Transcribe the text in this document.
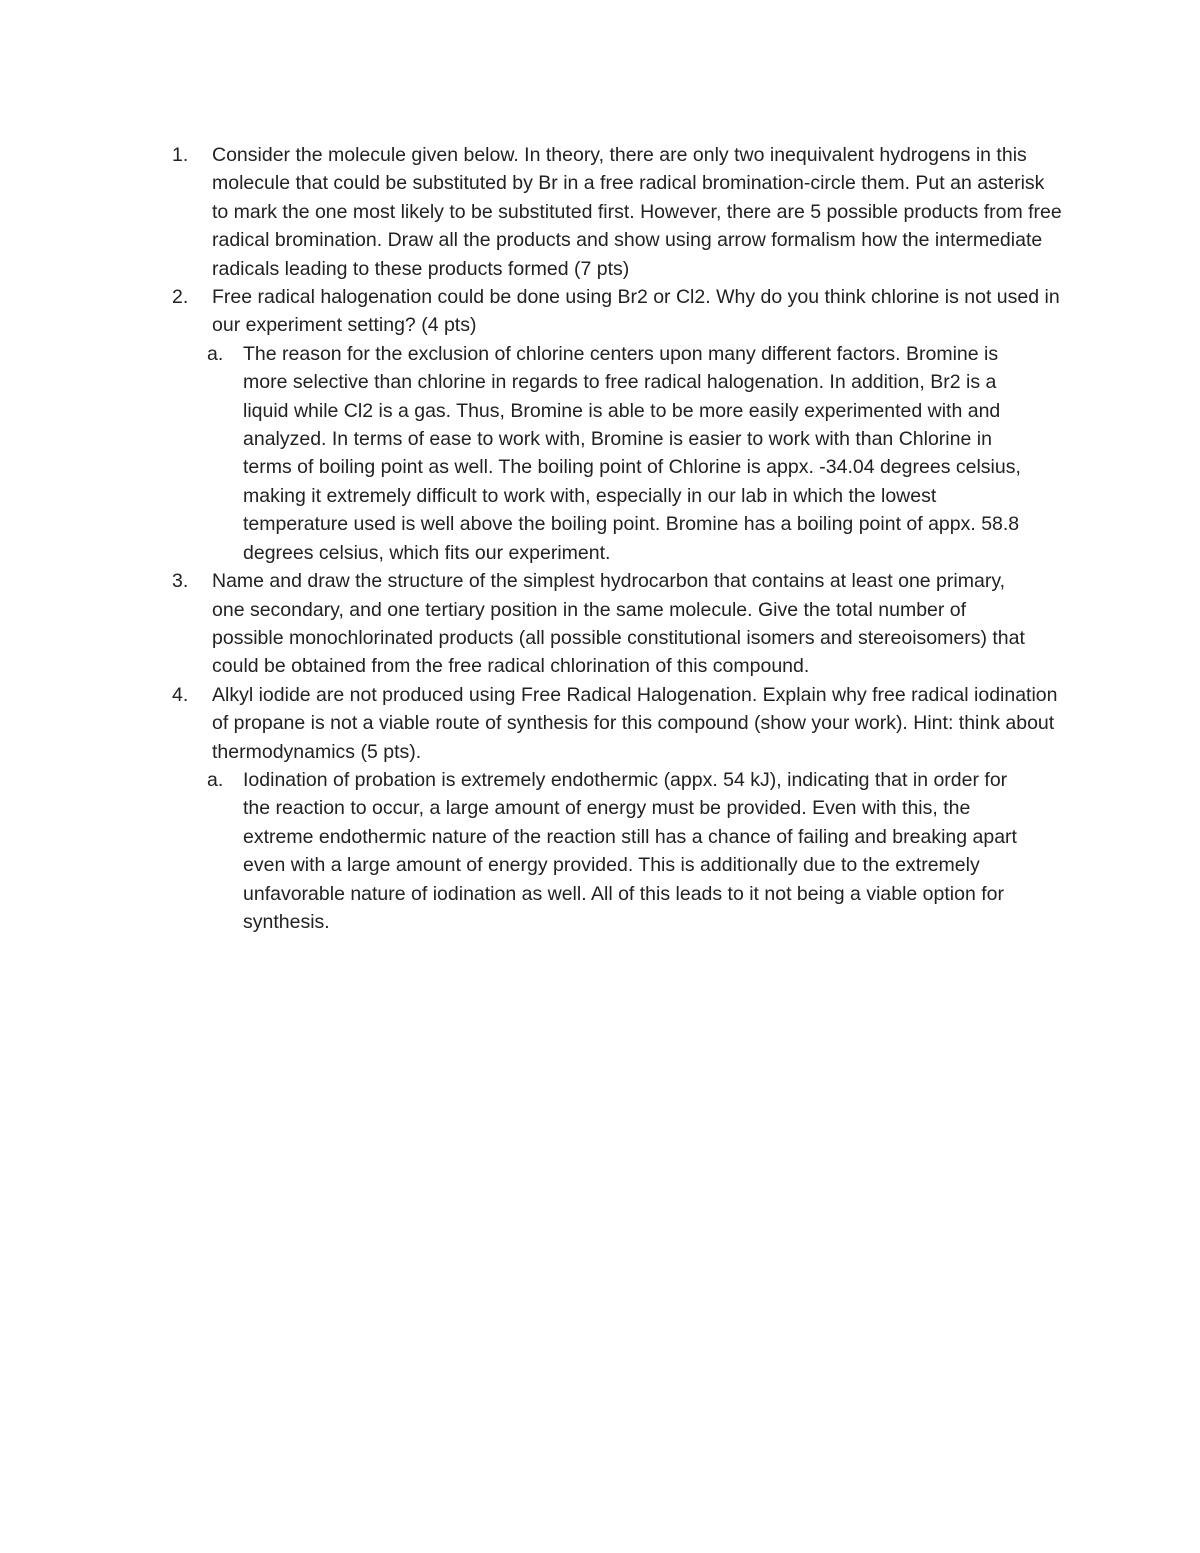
1.	Consider the molecule given below. In theory, there are only two inequivalent hydrogens in this molecule that could be substituted by Br in a free radical bromination-circle them. Put an asterisk to mark the one most likely to be substituted first. However, there are 5 possible products from free radical bromination. Draw all the products and show using arrow formalism how the intermediate radicals leading to these products formed (7 pts)
2.	Free radical halogenation could be done using Br2 or Cl2. Why do you think chlorine is not used in our experiment setting? (4 pts)
a. The reason for the exclusion of chlorine centers upon many different factors. Bromine is more selective than chlorine in regards to free radical halogenation. In addition, Br2 is a liquid while Cl2 is a gas. Thus, Bromine is able to be more easily experimented with and analyzed. In terms of ease to work with, Bromine is easier to work with than Chlorine in terms of boiling point as well. The boiling point of Chlorine is appx. -34.04 degrees celsius, making it extremely difficult to work with, especially in our lab in which the lowest temperature used is well above the boiling point. Bromine has a boiling point of appx. 58.8 degrees celsius, which fits our experiment.
3.	Name and draw the structure of the simplest hydrocarbon that contains at least one primary, one secondary, and one tertiary position in the same molecule. Give the total number of possible monochlorinated products (all possible constitutional isomers and stereoisomers) that could be obtained from the free radical chlorination of this compound.
4.	Alkyl iodide are not produced using Free Radical Halogenation. Explain why free radical iodination of propane is not a viable route of synthesis for this compound (show your work). Hint: think about thermodynamics (5 pts).
a. Iodination of probation is extremely endothermic (appx. 54 kJ), indicating that in order for the reaction to occur, a large amount of energy must be provided. Even with this, the extreme endothermic nature of the reaction still has a chance of failing and breaking apart even with a large amount of energy provided. This is additionally due to the extremely unfavorable nature of iodination as well. All of this leads to it not being a viable option for synthesis.
